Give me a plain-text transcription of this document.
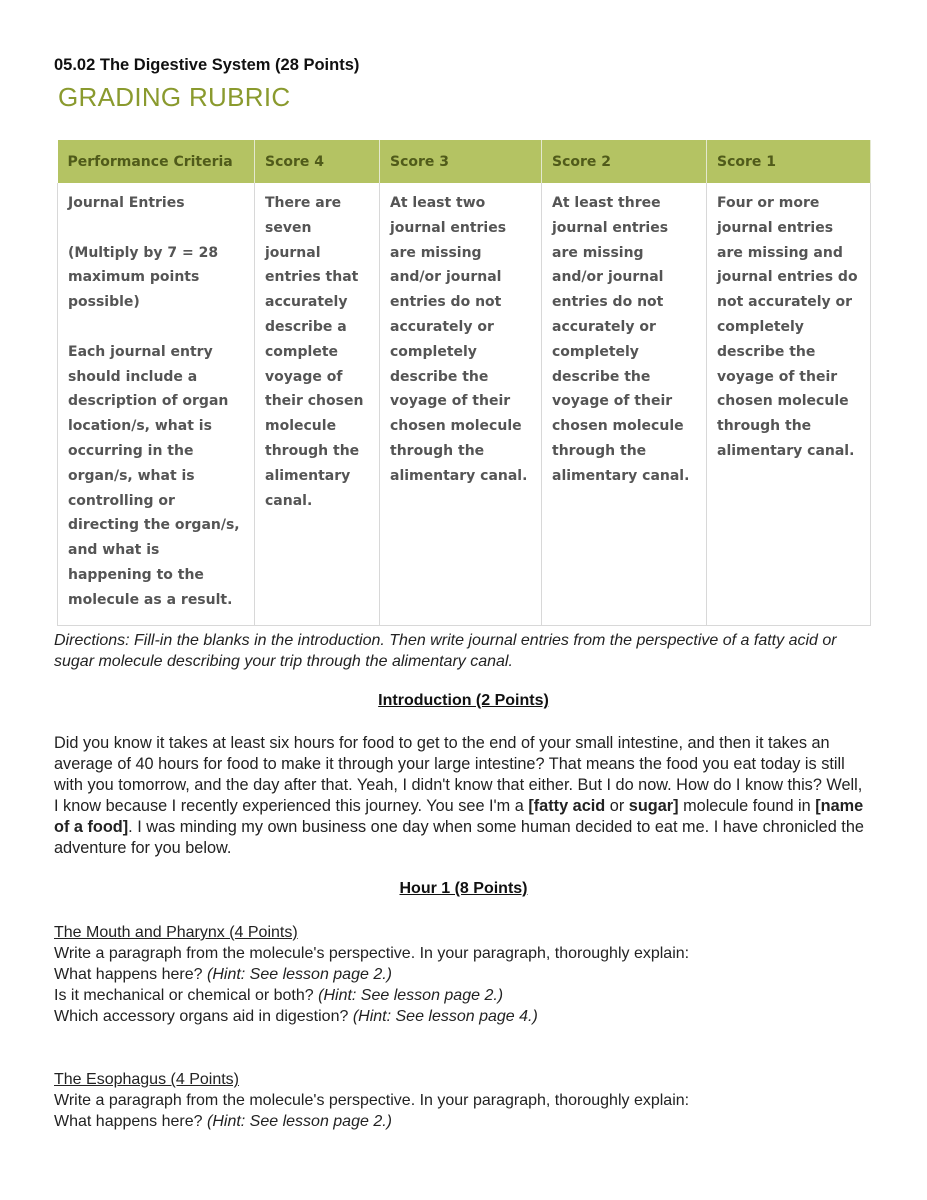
05.02 The Digestive System (28 Points)
GRADING RUBRIC
Performance Criteria	Score 4	Score 3	Score 2	Score 1

Journal Entries
(Multiply by 7 = 28 maximum points possible)
Each journal entry should include a description of organ location/s, what is occurring in the organ/s, what is controlling or directing the organ/s, and what is happening to the molecule as a result.	There are seven journal entries that accurately describe a complete voyage of their chosen molecule through the alimentary canal.	At least two journal entries are missing and/or journal entries do not accurately or completely describe the voyage of their chosen molecule through the alimentary canal.	At least three journal entries are missing and/or journal entries do not accurately or completely describe the voyage of their chosen molecule through the alimentary canal.	Four or more journal entries are missing and journal entries do not accurately or completely describe the voyage of their chosen molecule through the alimentary canal.
Directions: Fill-in the blanks in the introduction. Then write journal entries from the perspective of a fatty acid or sugar molecule describing your trip through the alimentary canal.
Introduction (2 Points)
Did you know it takes at least six hours for food to get to the end of your small intestine, and then it takes an average of 40 hours for food to make it through your large intestine? That means the food you eat today is still with you tomorrow, and the day after that. Yeah, I didn't know that either. But I do now. How do I know this? Well, I know because I recently experienced this journey. You see I'm a [fatty acid or sugar] molecule found in [name of a food]. I was minding my own business one day when some human decided to eat me. I have chronicled the adventure for you below.
Hour 1 (8 Points)
The Mouth and Pharynx (4 Points)
Write a paragraph from the molecule's perspective. In your paragraph, thoroughly explain:
What happens here? (Hint: See lesson page 2.)
Is it mechanical or chemical or both? (Hint: See lesson page 2.)
Which accessory organs aid in digestion? (Hint: See lesson page 4.)
The Esophagus (4 Points)
Write a paragraph from the molecule's perspective. In your paragraph, thoroughly explain:
What happens here? (Hint: See lesson page 2.)
